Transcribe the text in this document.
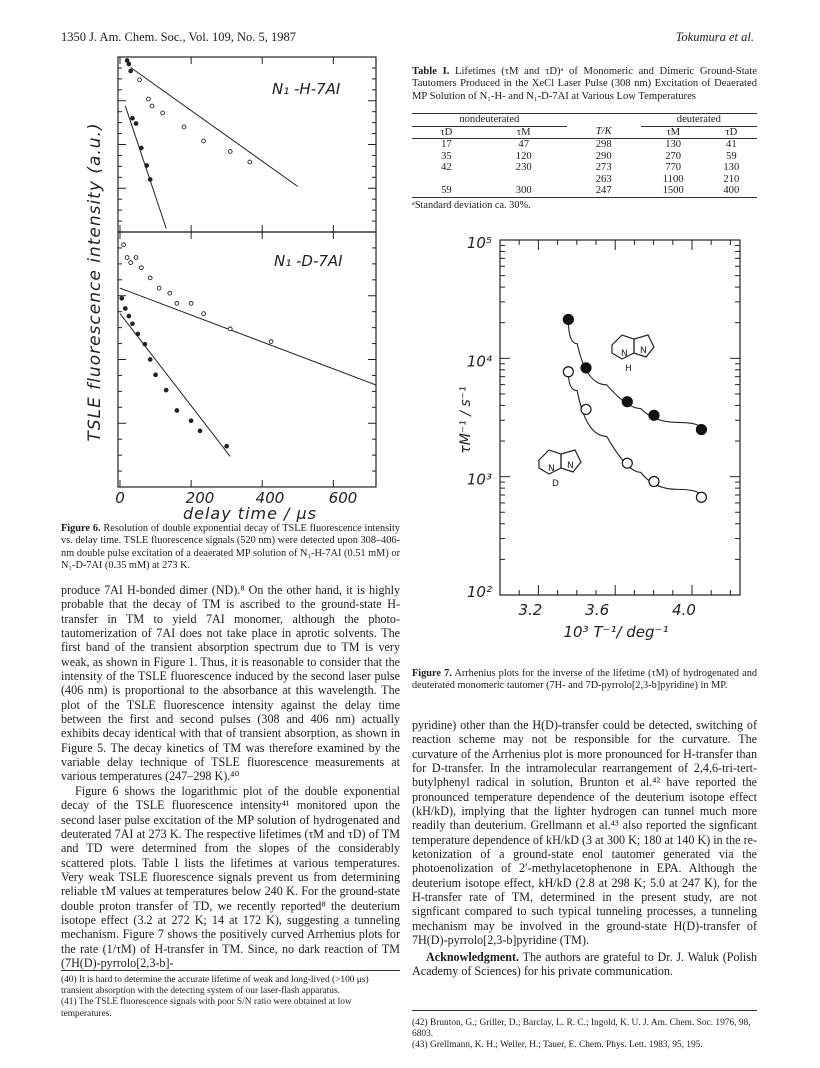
1350 J. Am. Chem. Soc., Vol. 109, No. 5, 1987	Tokumura et al.
N₁ -H-7AI
N₁ -D-7AI
TSLE fluorescence intensity (a.u.)
0	200	400	600
delay time / μs
Figure 6. Resolution of double exponential decay of TSLE fluorescence intensity vs. delay time. TSLE fluorescence signals (520 nm) were detected upon 308–406-nm double pulse excitation of a deaerated MP solution of N₁-H-7AI (0.51 mM) or N₁-D-7AI (0.35 mM) at 273 K.

produce 7AI H-bonded dimer (ND).⁸ On the other hand, it is highly probable that the decay of TM is ascribed to the ground-state H-transfer in TM to yield 7AI monomer, although the photo-tautomerization of 7AI does not take place in aprotic solvents. The first band of the transient absorption spectrum due to TM is very weak, as shown in Figure 1. Thus, it is reasonable to consider that the intensity of the TSLE fluorescence induced by the second laser pulse (406 nm) is proportional to the absorbance at this wavelength. The plot of the TSLE fluorescence intensity against the delay time between the first and second pulses (308 and 406 nm) actually exhibits decay identical with that of transient absorption, as shown in Figure 5. The decay kinetics of TM was therefore examined by the variable delay technique of TSLE fluorescence measurements at various temperatures (247–298 K).⁴⁰

Figure 6 shows the logarithmic plot of the double exponential decay of the TSLE fluorescence intensity⁴¹ monitored upon the second laser pulse excitation of the MP solution of hydrogenated and deuterated 7AI at 273 K. The respective lifetimes (τM and τD) of TM and TD were determined from the slopes of the considerably scattered plots. Table I lists the lifetimes at various temperatures. Very weak TSLE fluorescence signals prevent us from determining reliable τM values at temperatures below 240 K. For the ground-state double proton transfer of TD, we recently reported⁸ the deuterium isotope effect (3.2 at 272 K; 14 at 172 K), suggesting a tunneling mechanism. Figure 7 shows the positively curved Arrhenius plots for the rate (1/τM) of H-transfer in TM. Since, no dark reaction of TM (7H(D)-pyrrolo[2,3-b]-

(40) It is hard to determine the accurate lifetime of weak and long-lived (>100 μs) transient absorption with the detecting system of our laser-flash apparatus.

(41) The TSLE fluorescence signals with poor S/N ratio were obtained at low temperatures.

Table I. Lifetimes (τM and τD)ᵃ of Monomeric and Dimeric Ground-State Tautomers Produced in the XeCl Laser Pulse (308 nm) Excitation of Deaerated MP Solution of N₁-H- and N₁-D-7AI at Various Low Temperatures
nondeuterated			deuterated	
τD	τM	T/K	τM	τD
17	47	298	130	41
35	120	290	270	59
42	230	273	770	130
		263	1100	210
59	300	247	1500	400
ᵃStandard deviation ca. 30%.
10⁵
10⁴
10³
10²
3.2	3.6	4.0
τM⁻¹ / s⁻¹
10³ T⁻¹/ deg⁻¹
N N
H
N N
D
Figure 7. Arrhenius plots for the inverse of the lifetime (τM) of hydrogenated and deuterated monomeric tautomer (7H- and 7D-pyrrolo[2,3-b]pyridine) in MP.

pyridine) other than the H(D)-transfer could be detected, switching of reaction scheme may not be responsible for the curvature. The curvature of the Arrhenius plot is more pronounced for H-transfer than for D-transfer. In the intramolecular rearrangement of 2,4,6-tri-tert-butylphenyl radical in solution, Brunton et al.⁴² have reported the pronounced temperature dependence of the deuterium isotope effect (kH/kD), implying that the lighter hydrogen can tunnel much more readily than deuterium. Grellmann et al.⁴³ also reported the signficant temperature dependence of kH/kD (3 at 300 K; 180 at 140 K) in the re-ketonization of a ground-state enol tautomer generated via the photoenolization of 2′-methylacetophenone in EPA. Although the deuterium isotope effect, kH/kD (2.8 at 298 K; 5.0 at 247 K), for the H-transfer rate of TM, determined in the present study, are not signficant compared to such typical tunneling processes, a tunneling mechanism may be involved in the ground-state H(D)-transfer of 7H(D)-pyrrolo[2,3-b]pyridine (TM).

Acknowledgment. The authors are grateful to Dr. J. Waluk (Polish Academy of Sciences) for his private communication.

(42) Brunton, G.; Griller, D.; Barclay, L. R. C.; Ingold, K. U. J. Am. Chem. Soc. 1976, 98, 6803.

(43) Grellmann, K. H.; Weller, H.; Tauer, E. Chem. Phys. Lett. 1983, 95, 195.
